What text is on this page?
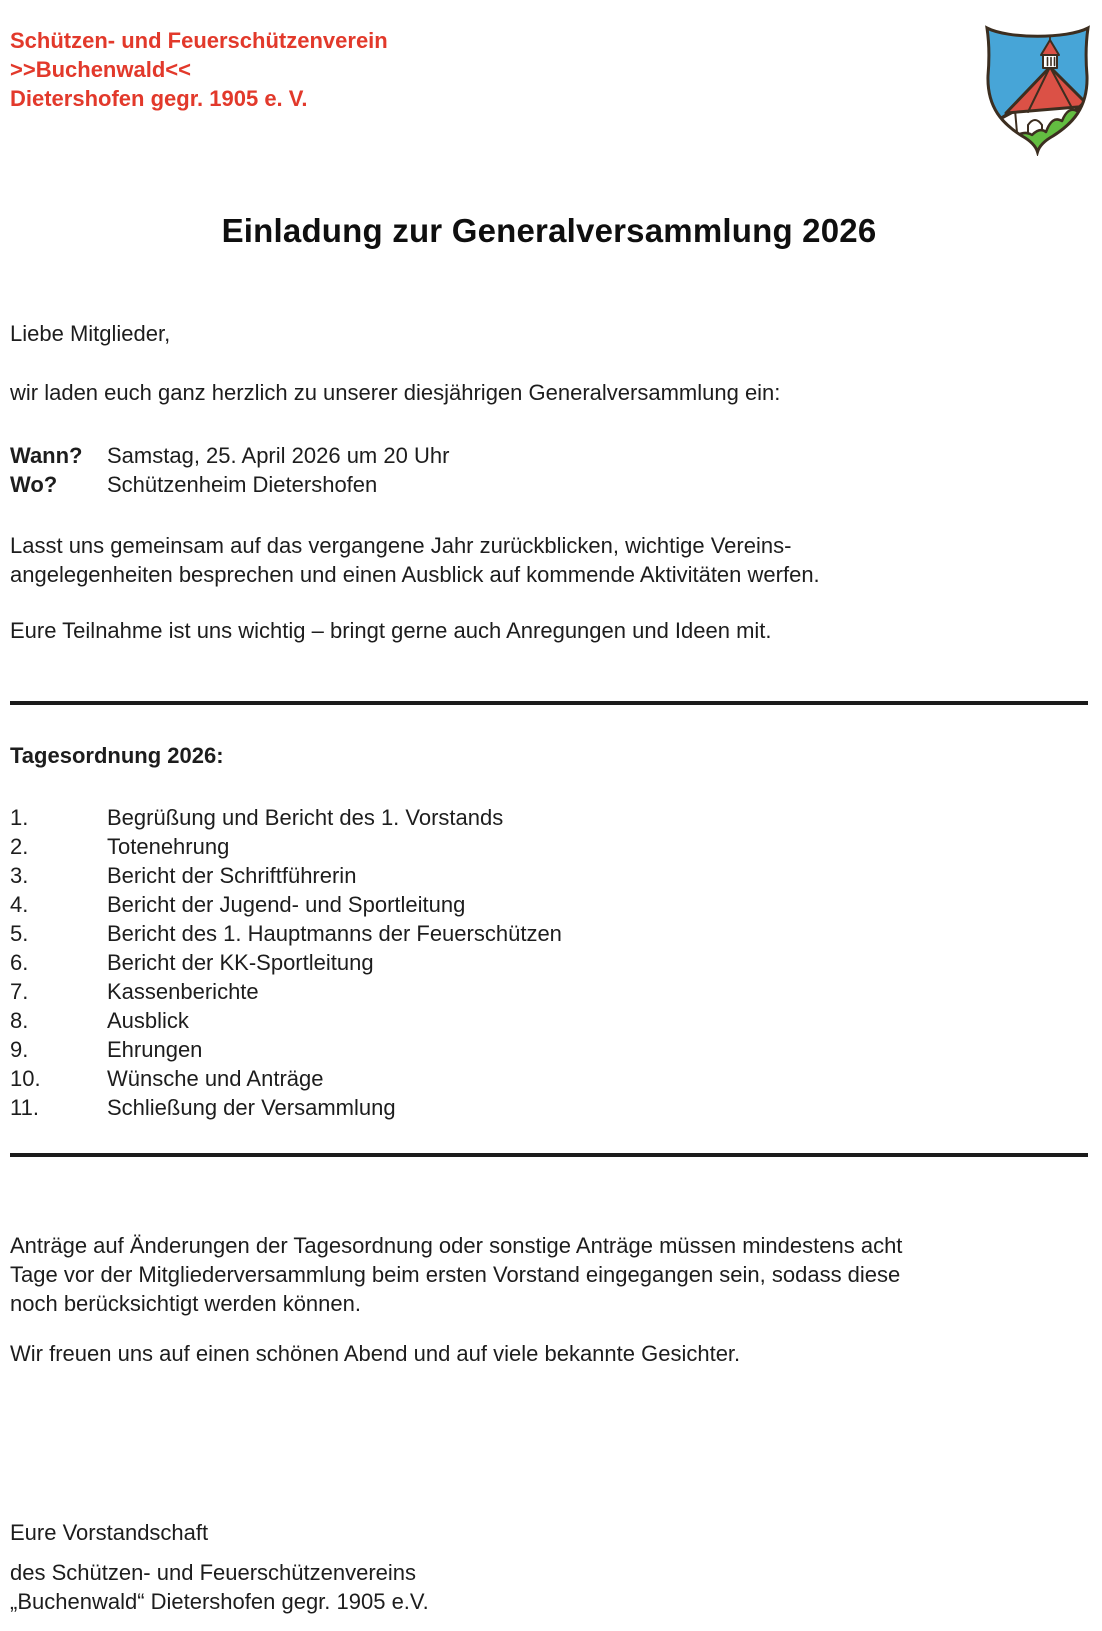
Schützen- und Feuerschützenverein
>>Buchenwald<<
Dietershofen gegr. 1905 e. V.
Einladung zur Generalversammlung 2026
Liebe Mitglieder,
wir laden euch ganz herzlich zu unserer diesjährigen Generalversammlung ein:
Wann?	Samstag, 25. April 2026 um 20 Uhr
Wo?	Schützenheim Dietershofen
Lasst uns gemeinsam auf das vergangene Jahr zurückblicken, wichtige Vereins-
angelegenheiten besprechen und einen Ausblick auf kommende Aktivitäten werfen.
Eure Teilnahme ist uns wichtig – bringt gerne auch Anregungen und Ideen mit.
Tagesordnung 2026:
1.	Begrüßung und Bericht des 1. Vorstands
2.	Totenehrung
3.	Bericht der Schriftführerin
4.	Bericht der Jugend- und Sportleitung
5.	Bericht des 1. Hauptmanns der Feuerschützen
6.	Bericht der KK-Sportleitung
7.	Kassenberichte
8.	Ausblick
9.	Ehrungen
10.	Wünsche und Anträge
11.	Schließung der Versammlung
Anträge auf Änderungen der Tagesordnung oder sonstige Anträge müssen mindestens acht
Tage vor der Mitgliederversammlung beim ersten Vorstand eingegangen sein, sodass diese
noch berücksichtigt werden können.
Wir freuen uns auf einen schönen Abend und auf viele bekannte Gesichter.
Eure Vorstandschaft
des Schützen- und Feuerschützenvereins
„Buchenwald“ Dietershofen gegr. 1905 e.V.
